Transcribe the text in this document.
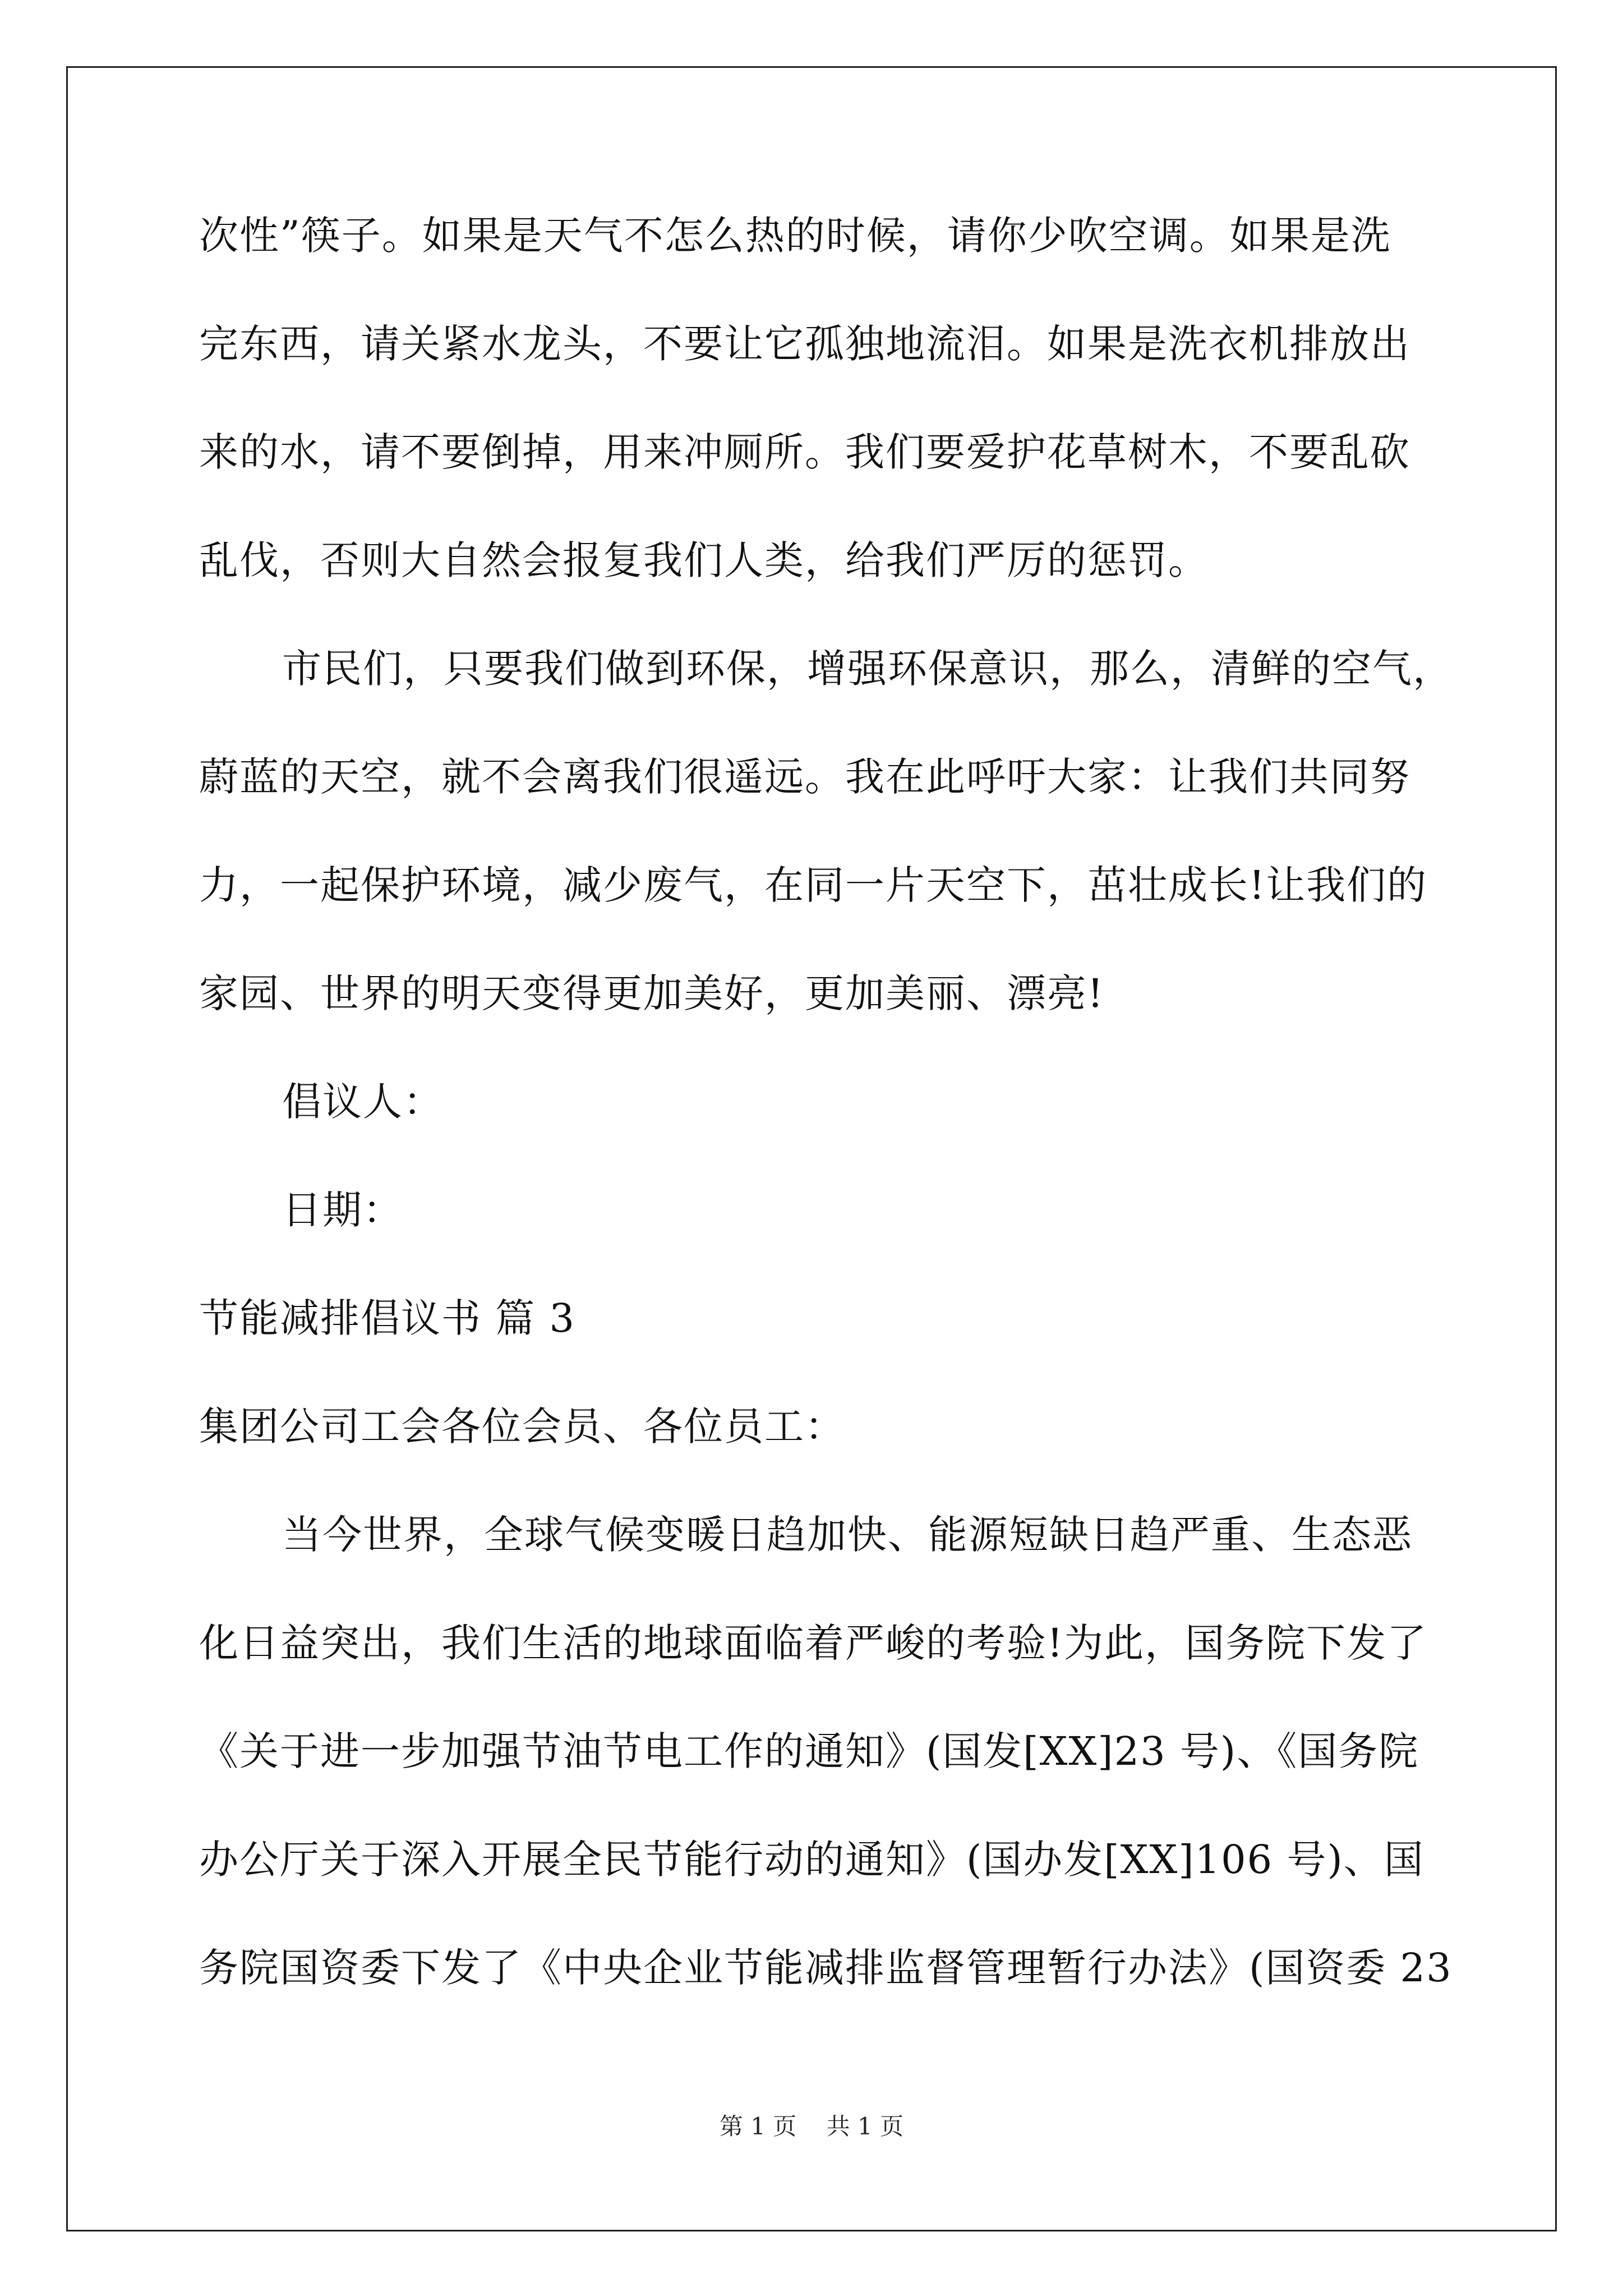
次性”筷子。如果是天气不怎么热的时候，请你少吹空调。如果是洗
完东西，请关紧水龙头，不要让它孤独地流泪。如果是洗衣机排放出
来的水，请不要倒掉，用来冲厕所。我们要爱护花草树木，不要乱砍
乱伐，否则大自然会报复我们人类，给我们严厉的惩罚。
市民们，只要我们做到环保，增强环保意识，那么，清鲜的空气，
蔚蓝的天空，就不会离我们很遥远。我在此呼吁大家：让我们共同努
力，一起保护环境，减少废气，在同一片天空下，茁壮成长!让我们的
家园、世界的明天变得更加美好，更加美丽、漂亮!
倡议人：
日期：
节能减排倡议书 篇 3
集团公司工会各位会员、各位员工：
当今世界，全球气候变暖日趋加快、能源短缺日趋严重、生态恶
化日益突出，我们生活的地球面临着严峻的考验!为此，国务院下发了
《关于进一步加强节油节电工作的通知》(国发[XX]23 号)、《国务院
办公厅关于深入开展全民节能行动的通知》(国办发[XX]106 号)、国
务院国资委下发了《中央企业节能减排监督管理暂行办法》(国资委 23
第 1 页 共 1 页
